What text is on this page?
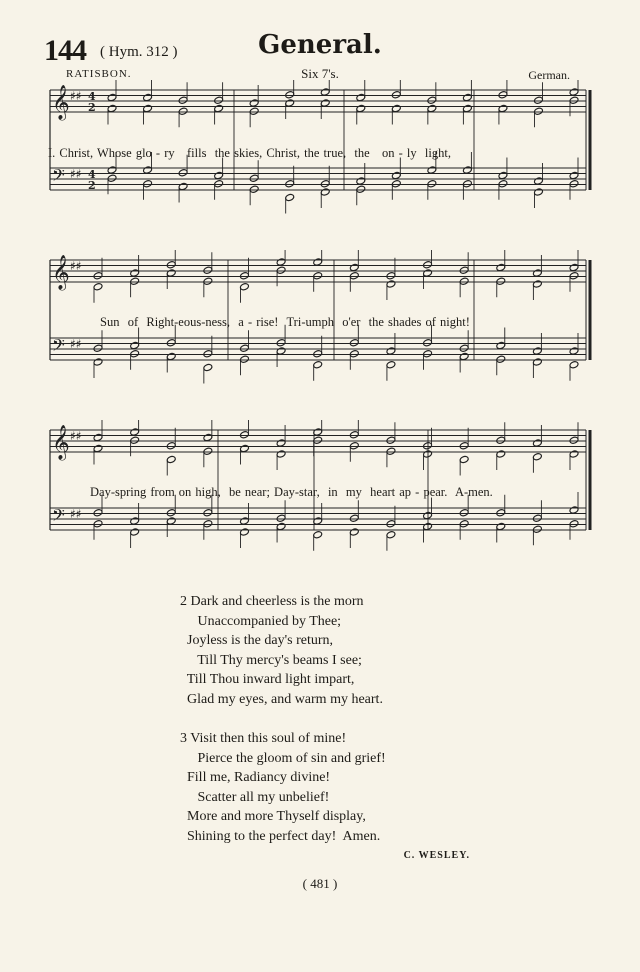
144 ( Hym. 312 )	General.
RATISBON.	Six 7's.	German.
𝄞 ♯♯ 4
2
𝄢 ♯♯ 4
2
I. Christ, Whose glo - ry   fills  the skies, Christ, the true,  the   on - ly  light,
𝄞 ♯♯
𝄢 ♯♯
Sun  of  Right-eous-ness,  a - rise!  Tri-umph  o'er  the shades of night!
𝄞 ♯♯
𝄢 ♯♯
Day-spring from on high,  be near; Day-star,  in  my  heart ap - pear.  A-men.
2 Dark and cheerless is the morn
Unaccompanied by Thee;
Joyless is the day's return,
Till Thy mercy's beams I see;
Till Thou inward light impart,
Glad my eyes, and warm my heart.
3 Visit then this soul of mine!
Pierce the gloom of sin and grief!
Fill me, Radiancy divine!
Scatter all my unbelief!
More and more Thyself display,
Shining to the perfect day!  Amen.
C. WESLEY.
( 481 )
